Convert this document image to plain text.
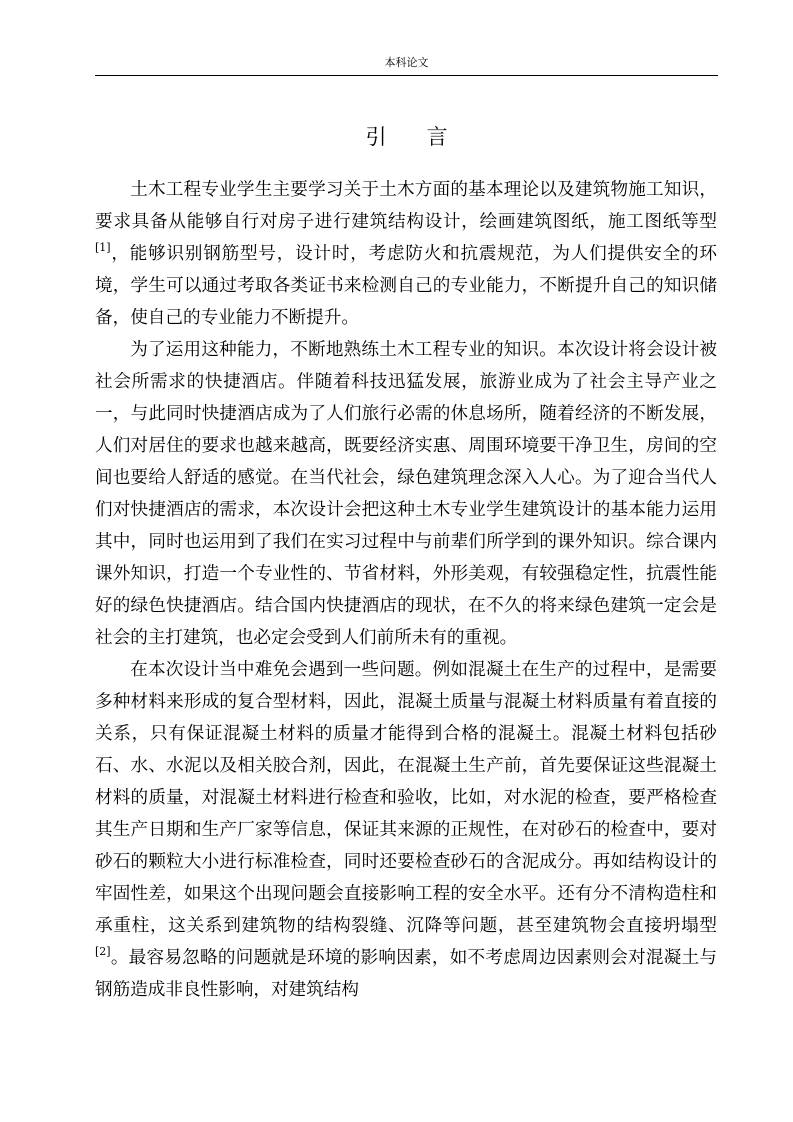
本科论文
引言

土木工程专业学生主要学习关于土木方面的基本理论以及建筑物施工知识，要求具备从能够自行对房子进行建筑结构设计，绘画建筑图纸，施工图纸等型[1]，能够识别钢筋型号，设计时，考虑防火和抗震规范，为人们提供安全的环境，学生可以通过考取各类证书来检测自己的专业能力，不断提升自己的知识储备，使自己的专业能力不断提升。

为了运用这种能力，不断地熟练土木工程专业的知识。本次设计将会设计被社会所需求的快捷酒店。伴随着科技迅猛发展，旅游业成为了社会主导产业之一，与此同时快捷酒店成为了人们旅行必需的休息场所，随着经济的不断发展，人们对居住的要求也越来越高，既要经济实惠、周围环境要干净卫生，房间的空间也要给人舒适的感觉。在当代社会，绿色建筑理念深入人心。为了迎合当代人们对快捷酒店的需求，本次设计会把这种土木专业学生建筑设计的基本能力运用其中，同时也运用到了我们在实习过程中与前辈们所学到的课外知识。综合课内课外知识，打造一个专业性的、节省材料，外形美观，有较强稳定性，抗震性能好的绿色快捷酒店。结合国内快捷酒店的现状，在不久的将来绿色建筑一定会是社会的主打建筑，也必定会受到人们前所未有的重视。

在本次设计当中难免会遇到一些问题。例如混凝土在生产的过程中，是需要多种材料来形成的复合型材料，因此，混凝土质量与混凝土材料质量有着直接的关系，只有保证混凝土材料的质量才能得到合格的混凝土。混凝土材料包括砂石、水、水泥以及相关胶合剂，因此，在混凝土生产前，首先要保证这些混凝土材料的质量，对混凝土材料进行检查和验收，比如，对水泥的检查，要严格检查其生产日期和生产厂家等信息，保证其来源的正规性，在对砂石的检查中，要对砂石的颗粒大小进行标准检查，同时还要检查砂石的含泥成分。再如结构设计的牢固性差，如果这个出现问题会直接影响工程的安全水平。还有分不清构造柱和承重柱，这关系到建筑物的结构裂缝、沉降等问题，甚至建筑物会直接坍塌型[2]。最容易忽略的问题就是环境的影响因素，如不考虑周边因素则会对混凝土与钢筋造成非良性影响，对建筑结构
